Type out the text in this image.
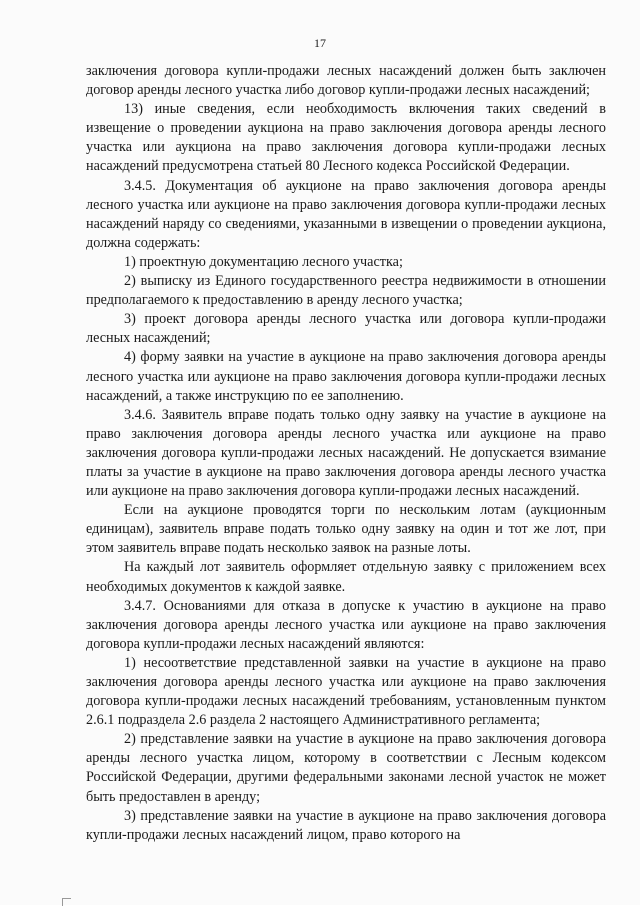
17

заключения договора купли-продажи лесных насаждений должен быть заключен договор аренды лесного участка либо договор купли-продажи лесных насаждений;

13) иные сведения, если необходимость включения таких сведений в извещение о проведении аукциона на право заключения договора аренды лесного участка или аукциона на право заключения договора купли-продажи лесных насаждений предусмотрена статьей 80 Лесного кодекса Российской Федерации.

3.4.5. Документация об аукционе на право заключения договора аренды лесного участка или аукционе на право заключения договора купли-продажи лесных насаждений наряду со сведениями, указанными в извещении о проведении аукциона, должна содержать:

1) проектную документацию лесного участка;

2) выписку из Единого государственного реестра недвижимости в отношении предполагаемого к предоставлению в аренду лесного участка;

3) проект договора аренды лесного участка или договора купли-продажи лесных насаждений;

4) форму заявки на участие в аукционе на право заключения договора аренды лесного участка или аукционе на право заключения договора купли-продажи лесных насаждений, а также инструкцию по ее заполнению.

3.4.6. Заявитель вправе подать только одну заявку на участие в аукционе на право заключения договора аренды лесного участка или аукционе на право заключения договора купли-продажи лесных насаждений. Не допускается взимание платы за участие в аукционе на право заключения договора аренды лесного участка или аукционе на право заключения договора купли-продажи лесных насаждений.

Если на аукционе проводятся торги по нескольким лотам (аукционным единицам), заявитель вправе подать только одну заявку на один и тот же лот, при этом заявитель вправе подать несколько заявок на разные лоты.

На каждый лот заявитель оформляет отдельную заявку с приложением всех необходимых документов к каждой заявке.

3.4.7. Основаниями для отказа в допуске к участию в аукционе на право заключения договора аренды лесного участка или аукционе на право заключения договора купли-продажи лесных насаждений являются:

1) несоответствие представленной заявки на участие в аукционе на право заключения договора аренды лесного участка или аукционе на право заключения договора купли-продажи лесных насаждений требованиям, установленным пунктом 2.6.1 подраздела 2.6 раздела 2 настоящего Административного регламента;

2) представление заявки на участие в аукционе на право заключения договора аренды лесного участка лицом, которому в соответствии с Лесным кодексом Российской Федерации, другими федеральными законами лесной участок не может быть предоставлен в аренду;

3) представление заявки на участие в аукционе на право заключения договора купли-продажи лесных насаждений лицом, право которого на
